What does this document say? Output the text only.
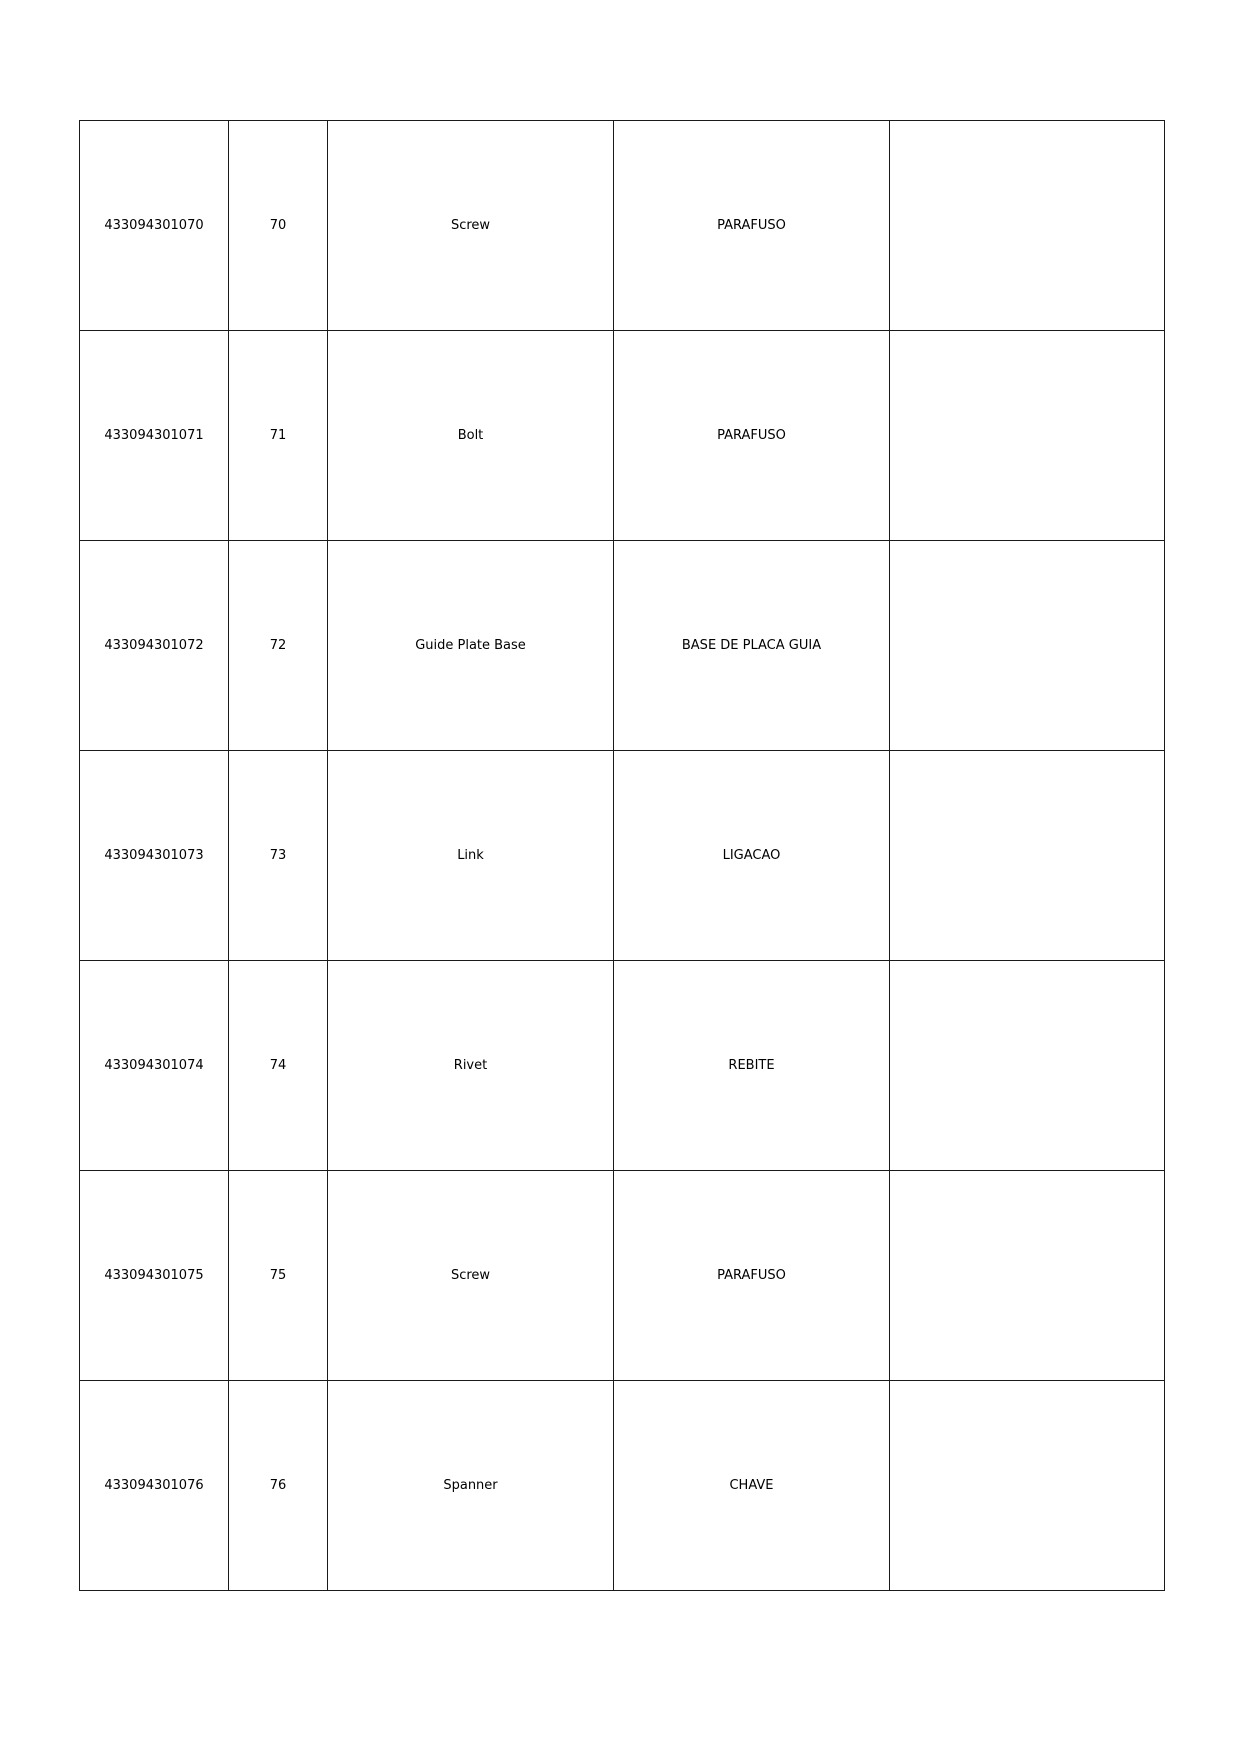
433094301070	70	Screw	PARAFUSO	
433094301071	71	Bolt	PARAFUSO	
433094301072	72	Guide Plate Base	BASE DE PLACA GUIA	
433094301073	73	Link	LIGACAO	
433094301074	74	Rivet	REBITE	
433094301075	75	Screw	PARAFUSO	
433094301076	76	Spanner	CHAVE	
